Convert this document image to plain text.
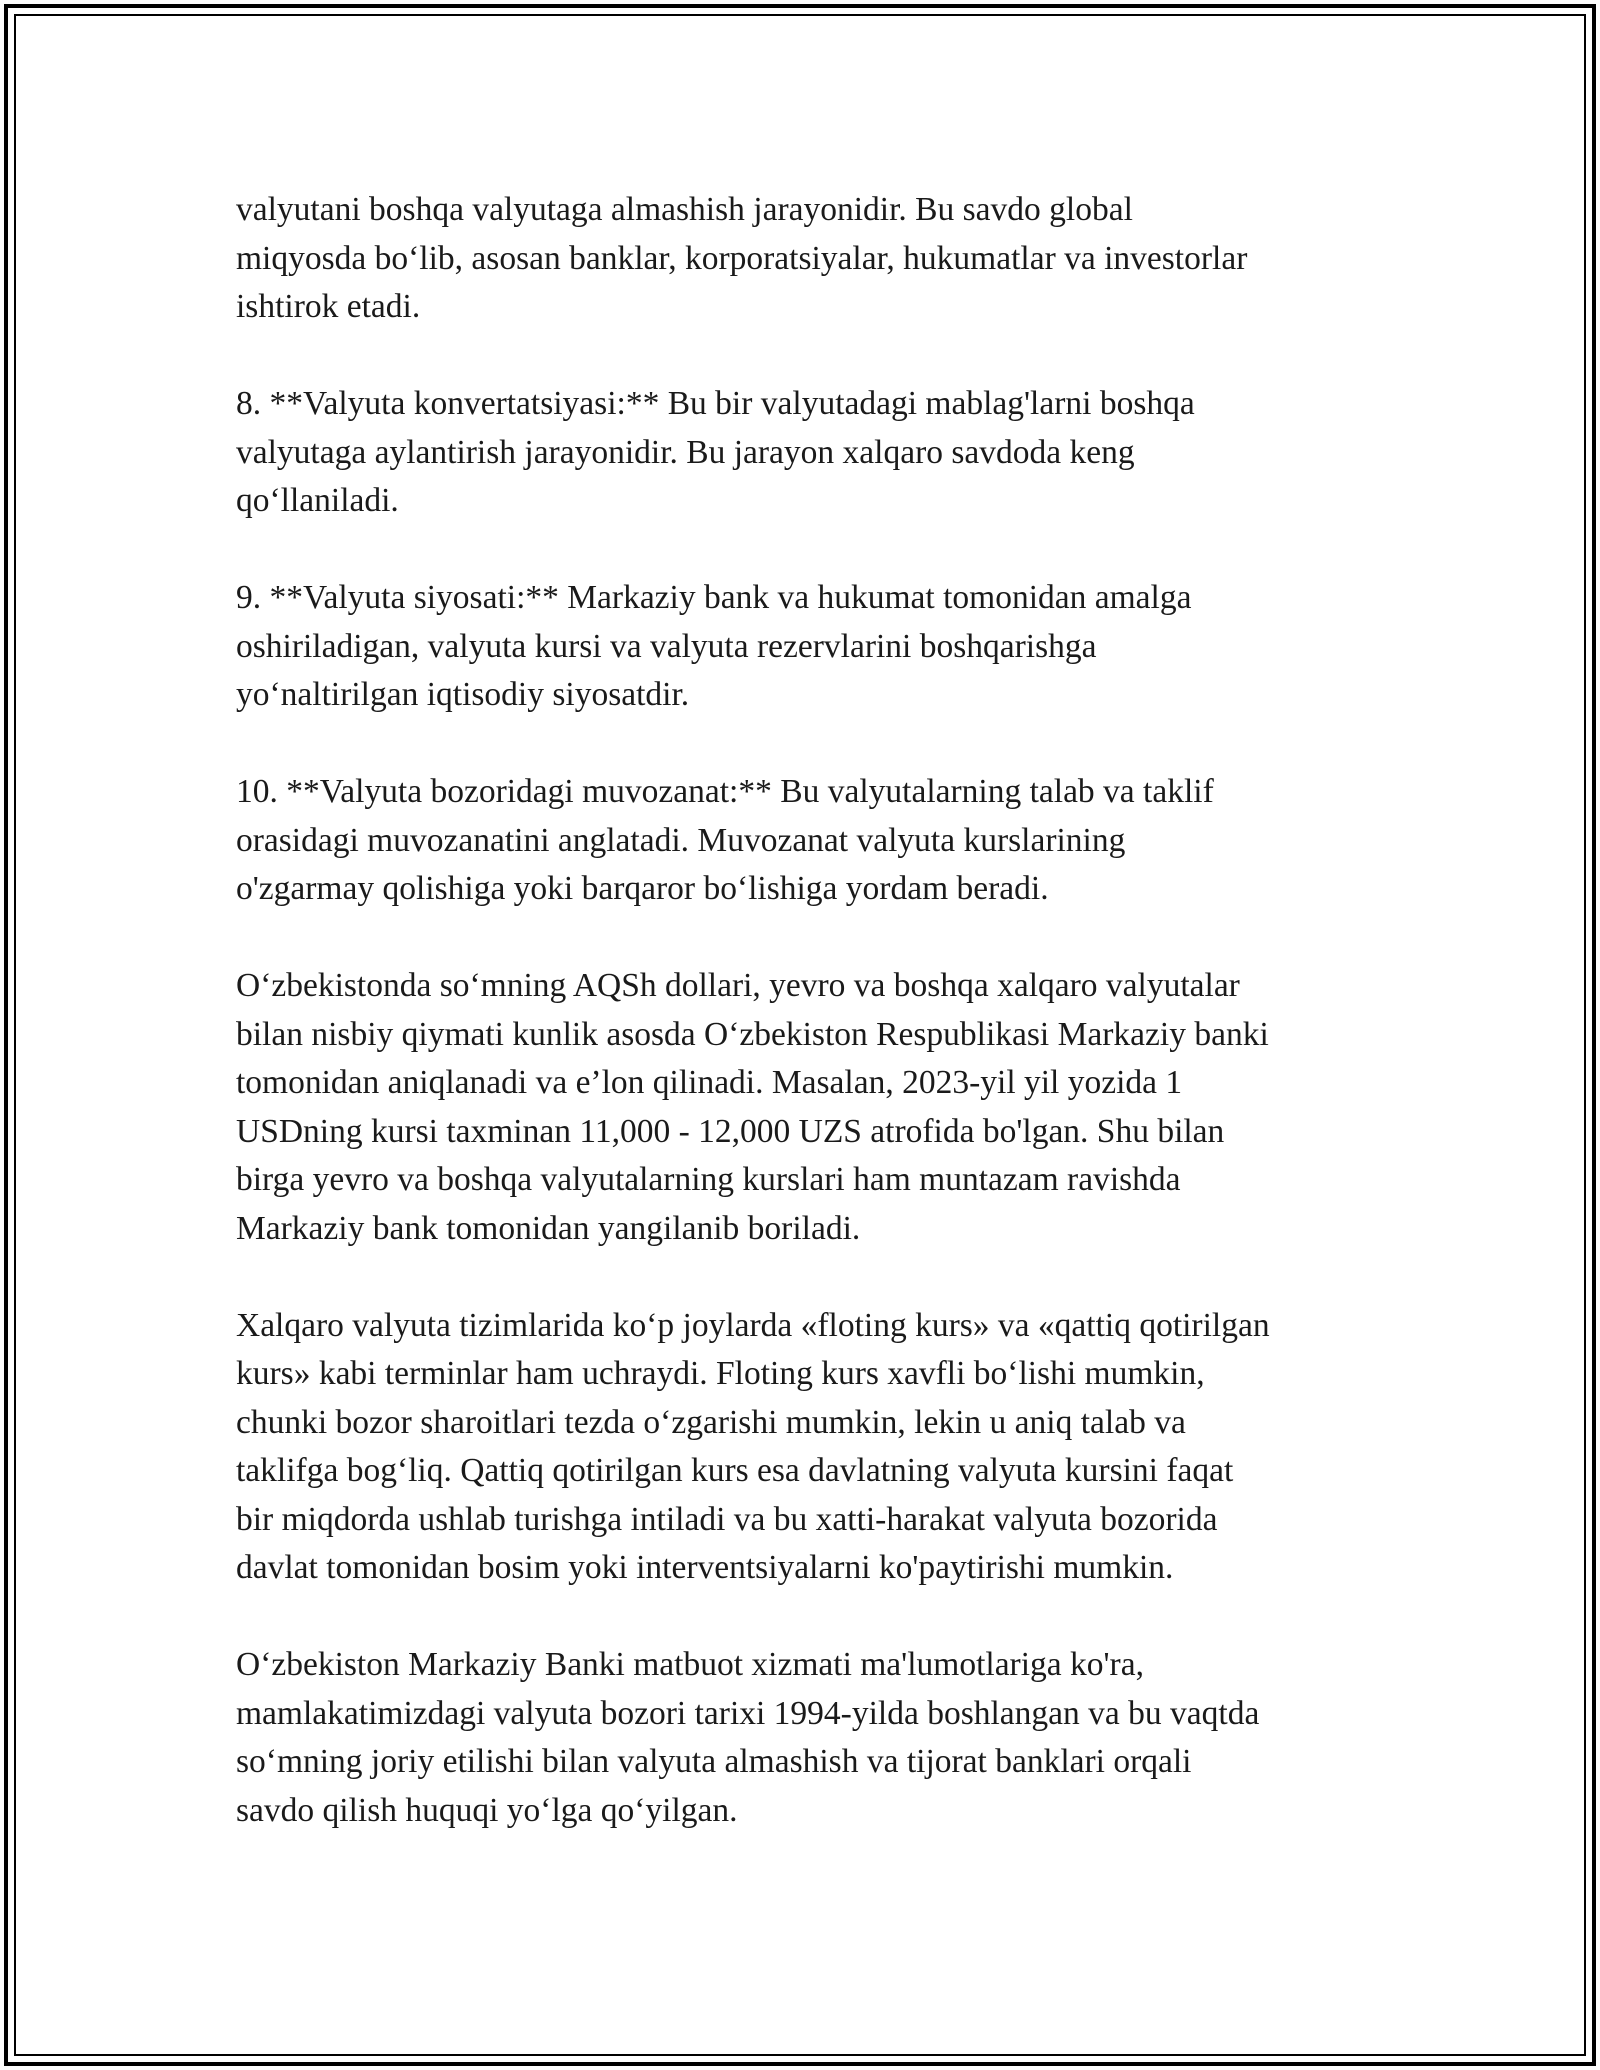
valyutani boshqa valyutaga almashish jarayonidir. Bu savdo global
miqyosda bo‘lib, asosan banklar, korporatsiyalar, hukumatlar va investorlar
ishtirok etadi.

8. **Valyuta konvertatsiyasi:** Bu bir valyutadagi mablag'larni boshqa
valyutaga aylantirish jarayonidir. Bu jarayon xalqaro savdoda keng
qo‘llaniladi.

9. **Valyuta siyosati:** Markaziy bank va hukumat tomonidan amalga
oshiriladigan, valyuta kursi va valyuta rezervlarini boshqarishga
yo‘naltirilgan iqtisodiy siyosatdir.

10. **Valyuta bozoridagi muvozanat:** Bu valyutalarning talab va taklif
orasidagi muvozanatini anglatadi. Muvozanat valyuta kurslarining
o'zgarmay qolishiga yoki barqaror bo‘lishiga yordam beradi.

O‘zbekistonda so‘mning AQSh dollari, yevro va boshqa xalqaro valyutalar
bilan nisbiy qiymati kunlik asosda O‘zbekiston Respublikasi Markaziy banki
tomonidan aniqlanadi va e’lon qilinadi. Masalan, 2023-yil yil yozida 1
USDning kursi taxminan 11,000 - 12,000 UZS atrofida bo'lgan. Shu bilan
birga yevro va boshqa valyutalarning kurslari ham muntazam ravishda
Markaziy bank tomonidan yangilanib boriladi.

Xalqaro valyuta tizimlarida ko‘p joylarda «floting kurs» va «qattiq qotirilgan
kurs» kabi terminlar ham uchraydi. Floting kurs xavfli bo‘lishi mumkin,
chunki bozor sharoitlari tezda o‘zgarishi mumkin, lekin u aniq talab va
taklifga bog‘liq. Qattiq qotirilgan kurs esa davlatning valyuta kursini faqat
bir miqdorda ushlab turishga intiladi va bu xatti-harakat valyuta bozorida
davlat tomonidan bosim yoki interventsiyalarni ko'paytirishi mumkin.

O‘zbekiston Markaziy Banki matbuot xizmati ma'lumotlariga ko'ra,
mamlakatimizdagi valyuta bozori tarixi 1994-yilda boshlangan va bu vaqtda
so‘mning joriy etilishi bilan valyuta almashish va tijorat banklari orqali
savdo qilish huquqi yo‘lga qo‘yilgan.
